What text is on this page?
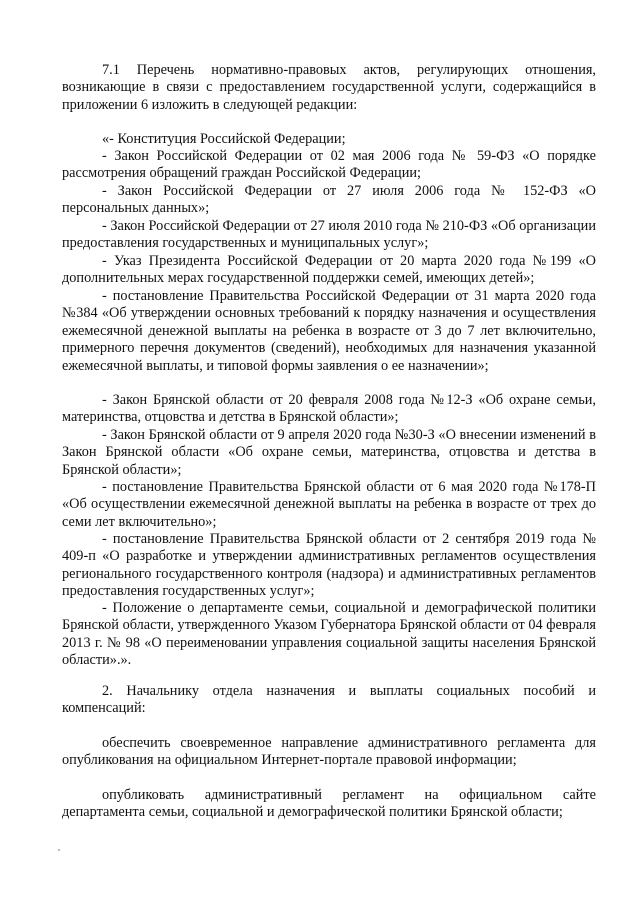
7.1 Перечень нормативно-правовых актов, регулирующих отношения, возникающие в связи с предоставлением государственной услуги, содержащийся в приложении 6 изложить в следующей редакции:

«- Конституция Российской Федерации;

- Закон Российской Федерации от 02 мая 2006 года № 59-ФЗ «О порядке рассмотрения обращений граждан Российской Федерации;

- Закон Российской Федерации от 27 июля 2006 года № 152-ФЗ «О персональных данных»;

- Закон Российской Федерации от 27 июля 2010 года № 210-ФЗ «Об организации предоставления государственных и муниципальных услуг»;

- Указ Президента Российской Федерации от 20 марта 2020 года №199 «О дополнительных мерах государственной поддержки семей, имеющих детей»;

- постановление Правительства Российской Федерации от 31 марта 2020 года №384 «Об утверждении основных требований к порядку назначения и осуществления ежемесячной денежной выплаты на ребенка в возрасте от 3 до 7 лет включительно, примерного перечня документов (сведений), необходимых для назначения указанной ежемесячной выплаты, и типовой формы заявления о ее назначении»;

- Закон Брянской области от 20 февраля 2008 года №12-З «Об охране семьи, материнства, отцовства и детства в Брянской области»;

- Закон Брянской области от 9 апреля 2020 года №30-З «О внесении изменений в Закон Брянской области «Об охране семьи, материнства, отцовства и детства в Брянской области»;

- постановление Правительства Брянской области от 6 мая 2020 года №178-П «Об осуществлении ежемесячной денежной выплаты на ребенка в возрасте от трех до семи лет включительно»;

- постановление Правительства Брянской области от 2 сентября 2019 года № 409-п «О разработке и утверждении административных регламентов осуществления регионального государственного контроля (надзора) и административных регламентов предоставления государственных услуг»;

- Положение о департаменте семьи, социальной и демографической политики Брянской области, утвержденного Указом Губернатора Брянской области от 04 февраля 2013 г. № 98 «О переименовании управления социальной защиты населения Брянской области».».

2. Начальнику отдела назначения и выплаты социальных пособий и компенсаций:

обеспечить своевременное направление административного регламента для опубликования на официальном Интернет-портале правовой информации;

опубликовать административный регламент на официальном сайте департамента семьи, социальной и демографической политики Брянской области;
